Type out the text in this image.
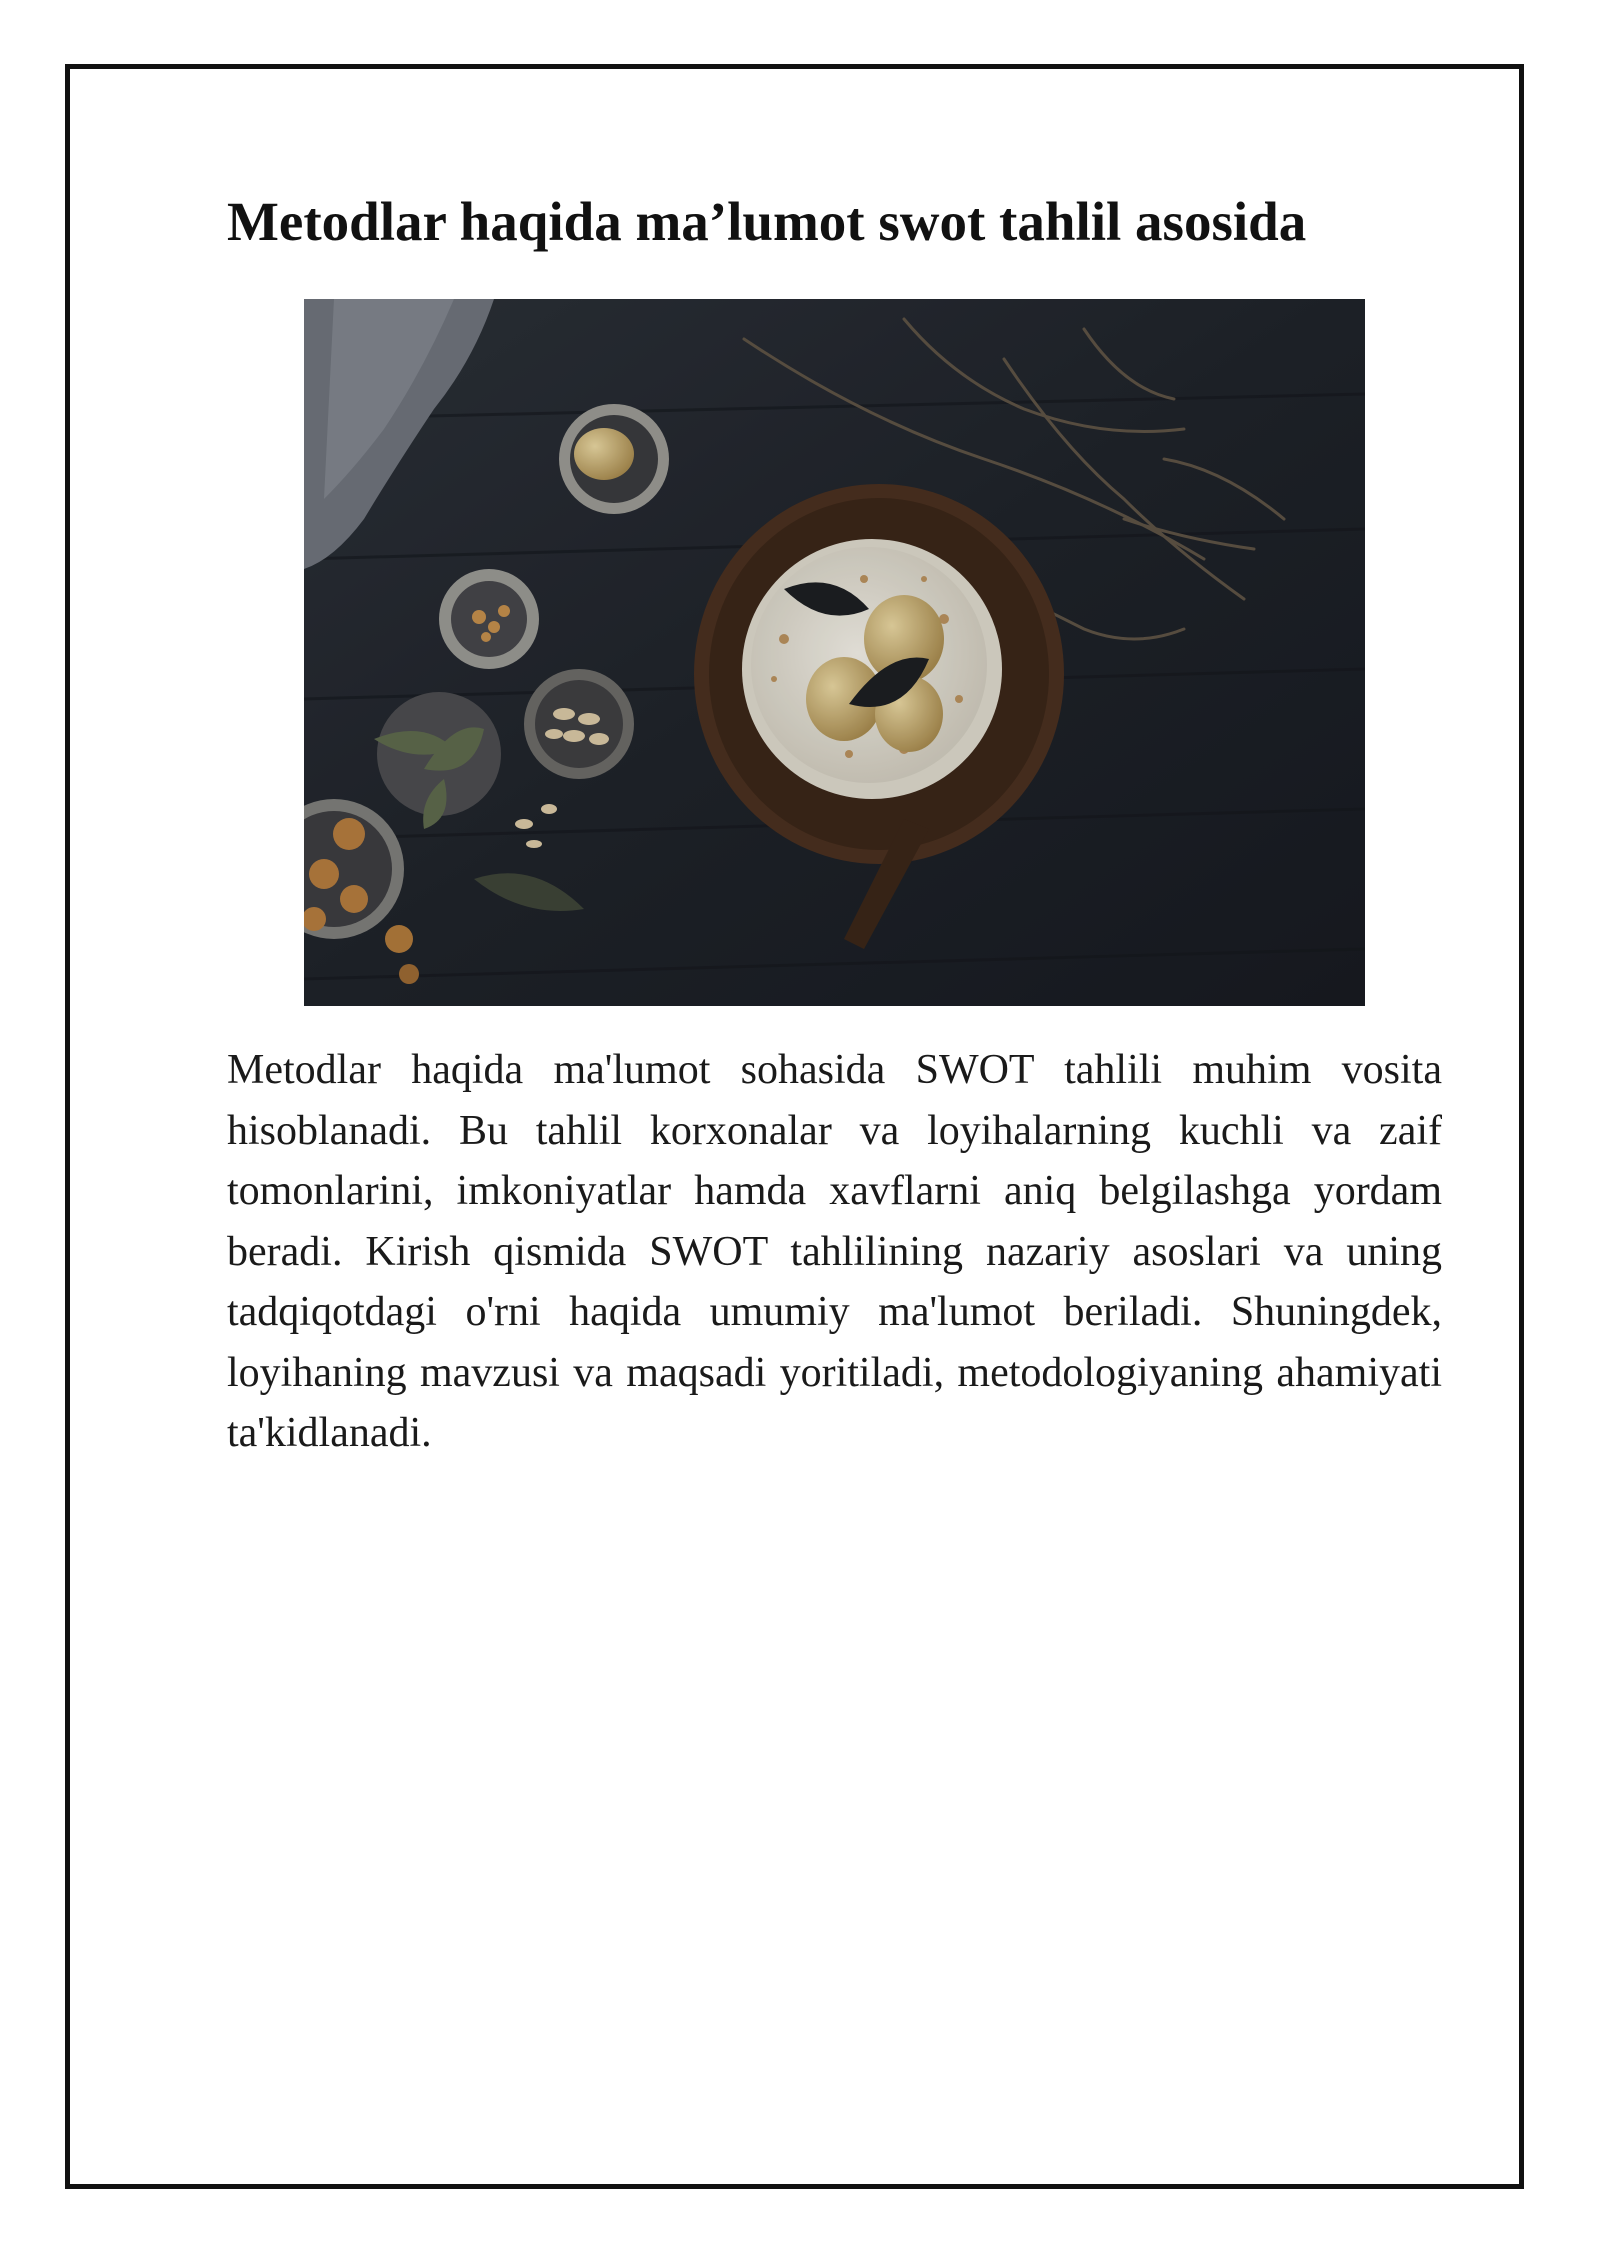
Metodlar haqida ma’lumot swot tahlil asosida

Metodlar haqida ma'lumot sohasida SWOT tahlili muhim vosita hisoblanadi. Bu tahlil korxonalar va loyihalarning kuchli va zaif tomonlarini, imkoniyatlar hamda xavflarni aniq belgilashga yordam beradi. Kirish qismida SWOT tahlilining nazariy asoslari va uning tadqiqotdagi o'rni haqida umumiy ma'lumot beriladi. Shuningdek, loyihaning mavzusi va maqsadi yoritiladi, metodologiyaning ahamiyati ta'kidlanadi.
